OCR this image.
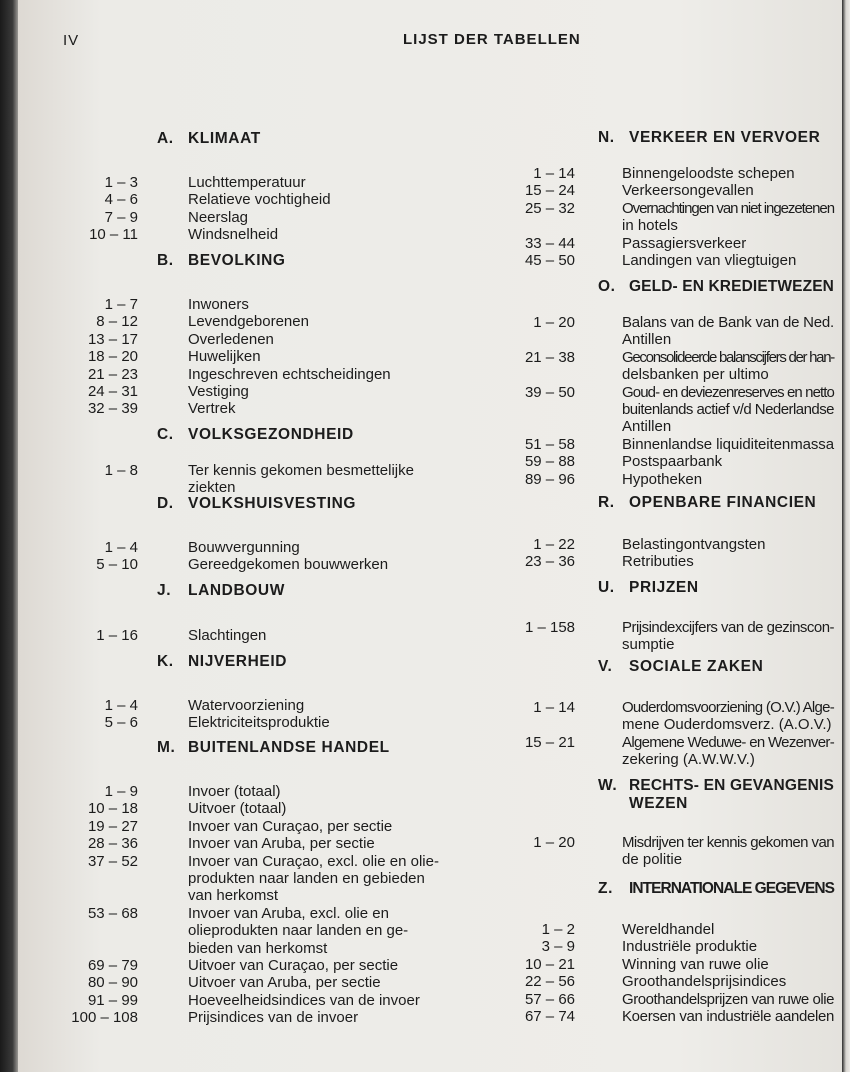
IV	LIJST DER TABELLEN
A. KLIMAAT
1 – 3	Luchttemperatuur
4 – 6	Relatieve vochtigheid
7 – 9	Neerslag
10 – 11	Windsnelheid
B. BEVOLKING
1 – 7	Inwoners
8 – 12	Levendgeborenen
13 – 17	Overledenen
18 – 20	Huwelijken
21 – 23	Ingeschreven echtscheidingen
24 – 31	Vestiging
32 – 39	Vertrek
C. VOLKSGEZONDHEID
1 – 8	Ter kennis gekomen besmettelijke
ziekten
D. VOLKSHUISVESTING
1 – 4	Bouwvergunning
5 – 10	Gereedgekomen bouwwerken
J. LANDBOUW
1 – 16	Slachtingen
K. NIJVERHEID
1 – 4	Watervoorziening
5 – 6	Elektriciteitsproduktie
M. BUITENLANDSE HANDEL
1 – 9	Invoer (totaal)
10 – 18	Uitvoer (totaal)
19 – 27	Invoer van Curaçao, per sectie
28 – 36	Invoer van Aruba, per sectie
37 – 52	Invoer van Curaçao, excl. olie en olie-
produkten naar landen en gebieden
van herkomst
53 – 68	Invoer van Aruba, excl. olie en
olieprodukten naar landen en ge-
bieden van herkomst
69 – 79	Uitvoer van Curaçao, per sectie
80 – 90	Uitvoer van Aruba, per sectie
91 – 99	Hoeveelheidsindices van de invoer
100 – 108	Prijsindices van de invoer
N. VERKEER EN VERVOER
1 – 14	Binnengeloodste schepen
15 – 24	Verkeersongevallen
25 – 32	Overnachtingen van niet ingezetenen
in hotels
33 – 44	Passagiersverkeer
45 – 50	Landingen van vliegtuigen
O. GELD- EN KREDIETWEZEN
1 – 20	Balans van de Bank van de Ned.
Antillen
21 – 38	Geconsolideerde balanscijfers der han-
delsbanken per ultimo
39 – 50	Goud- en deviezenreserves en netto
buitenlands actief v/d Nederlandse
Antillen
51 – 58	Binnenlandse liquiditeitenmassa
59 – 88	Postspaarbank
89 – 96	Hypotheken
R. OPENBARE FINANCIEN
1 – 22	Belastingontvangsten
23 – 36	Retributies
U. PRIJZEN
1 – 158	Prijsindexcijfers van de gezinscon-
sumptie
V. SOCIALE ZAKEN
1 – 14	Ouderdomsvoorziening (O.V.) Alge-
mene Ouderdomsverz. (A.O.V.)
15 – 21	Algemene Weduwe- en Wezenver-
zekering (A.W.W.V.)
W. RECHTS- EN GEVANGENIS
WEZEN
1 – 20	Misdrijven ter kennis gekomen van
de politie
Z. INTERNATIONALE GEGEVENS
1 – 2	Wereldhandel
3 – 9	Industriële produktie
10 – 21	Winning van ruwe olie
22 – 56	Groothandelsprijsindices
57 – 66	Groothandelsprijzen van ruwe olie
67 – 74	Koersen van industriële aandelen
